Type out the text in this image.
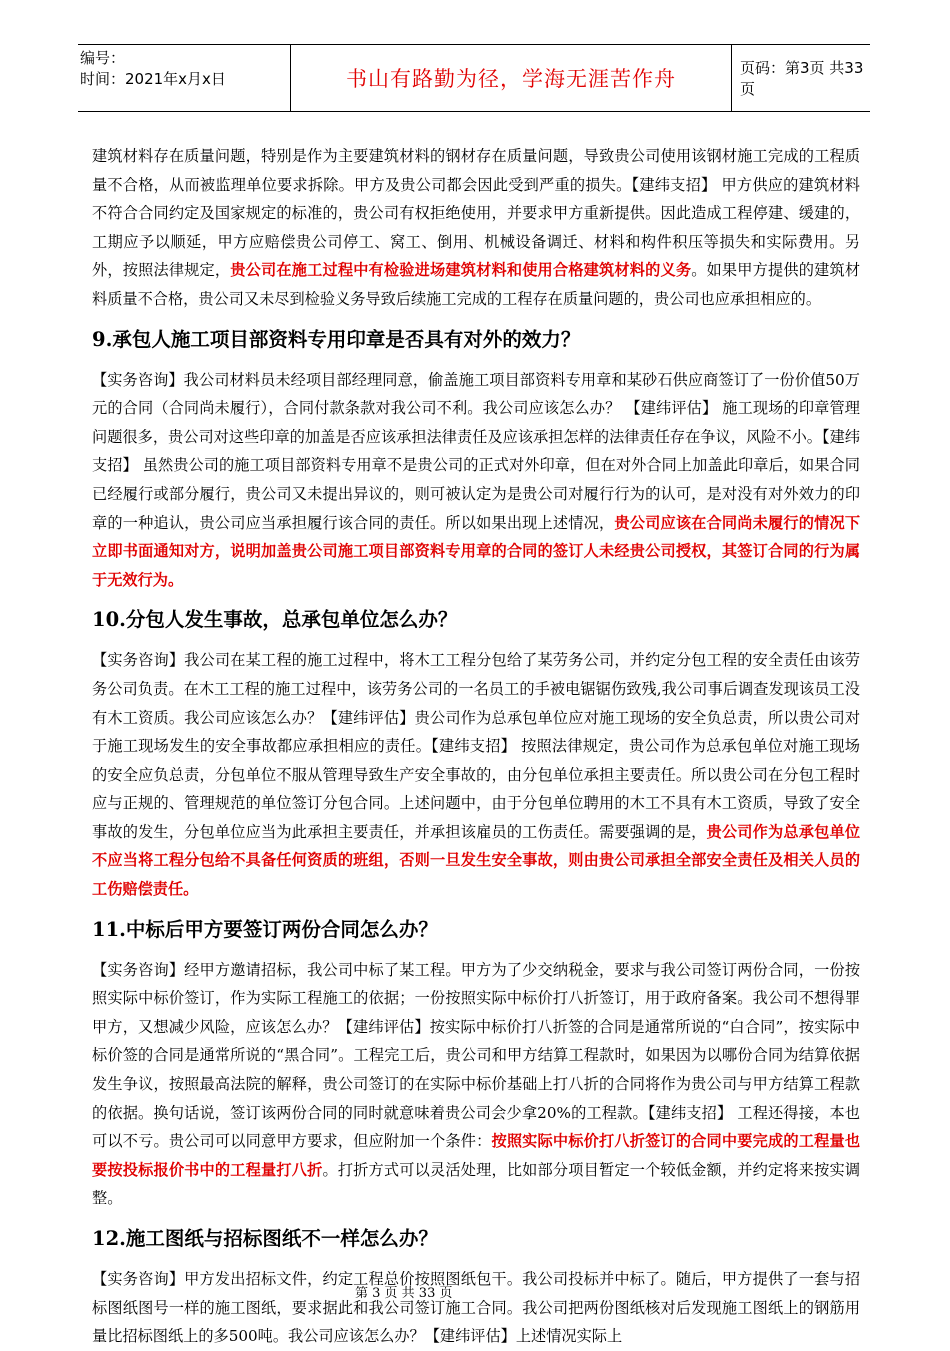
编号：
时间：2021年x月x日	书山有路勤为径，学海无涯苦作舟	页码：第3页 共33页

建筑材料存在质量问题，特别是作为主要建筑材料的钢材存在质量问题，导致贵公司使用该钢材施工完成的工程质量不合格，从而被监理单位要求拆除。甲方及贵公司都会因此受到严重的损失。【建纬支招】 甲方供应的建筑材料不符合合同约定及国家规定的标准的，贵公司有权拒绝使用，并要求甲方重新提供。因此造成工程停建、缓建的，工期应予以顺延，甲方应赔偿贵公司停工、窝工、倒用、机械设备调迁、材料和构件积压等损失和实际费用。另外，按照法律规定，贵公司在施工过程中有检验进场建筑材料和使用合格建筑材料的义务。如果甲方提供的建筑材料质量不合格，贵公司又未尽到检验义务导致后续施工完成的工程存在质量问题的，贵公司也应承担相应的。

9.承包人施工项目部资料专用印章是否具有对外的效力？

【实务咨询】我公司材料员未经项目部经理同意，偷盖施工项目部资料专用章和某砂石供应商签订了一份价值50万元的合同（合同尚未履行），合同付款条款对我公司不利。我公司应该怎么办？ 【建纬评估】 施工现场的印章管理问题很多，贵公司对这些印章的加盖是否应该承担法律责任及应该承担怎样的法律责任存在争议，风险不小。【建纬支招】 虽然贵公司的施工项目部资料专用章不是贵公司的正式对外印章，但在对外合同上加盖此印章后，如果合同已经履行或部分履行，贵公司又未提出异议的，则可被认定为是贵公司对履行行为的认可，是对没有对外效力的印章的一种追认，贵公司应当承担履行该合同的责任。所以如果出现上述情况，贵公司应该在合同尚未履行的情况下立即书面通知对方，说明加盖贵公司施工项目部资料专用章的合同的签订人未经贵公司授权，其签订合同的行为属于无效行为。

10.分包人发生事故，总承包单位怎么办？

【实务咨询】我公司在某工程的施工过程中，将木工工程分包给了某劳务公司，并约定分包工程的安全责任由该劳务公司负责。在木工工程的施工过程中，该劳务公司的一名员工的手被电锯锯伤致残,我公司事后调查发现该员工没有木工资质。我公司应该怎么办？【建纬评估】贵公司作为总承包单位应对施工现场的安全负总责，所以贵公司对于施工现场发生的安全事故都应承担相应的责任。【建纬支招】 按照法律规定，贵公司作为总承包单位对施工现场的安全应负总责，分包单位不服从管理导致生产安全事故的，由分包单位承担主要责任。所以贵公司在分包工程时应与正规的、管理规范的单位签订分包合同。上述问题中，由于分包单位聘用的木工不具有木工资质，导致了安全事故的发生，分包单位应当为此承担主要责任，并承担该雇员的工伤责任。需要强调的是，贵公司作为总承包单位不应当将工程分包给不具备任何资质的班组，否则一旦发生安全事故，则由贵公司承担全部安全责任及相关人员的工伤赔偿责任。

11.中标后甲方要签订两份合同怎么办？

【实务咨询】经甲方邀请招标，我公司中标了某工程。甲方为了少交纳税金，要求与我公司签订两份合同，一份按照实际中标价签订，作为实际工程施工的依据；一份按照实际中标价打八折签订，用于政府备案。我公司不想得罪甲方，又想减少风险，应该怎么办？【建纬评估】按实际中标价打八折签的合同是通常所说的“白合同”，按实际中标价签的合同是通常所说的“黑合同”。工程完工后，贵公司和甲方结算工程款时，如果因为以哪份合同为结算依据发生争议，按照最高法院的解释，贵公司签订的在实际中标价基础上打八折的合同将作为贵公司与甲方结算工程款的依据。换句话说，签订该两份合同的同时就意味着贵公司会少拿20%的工程款。【建纬支招】 工程还得接，本也可以不亏。贵公司可以同意甲方要求，但应附加一个条件：按照实际中标价打八折签订的合同中要完成的工程量也要按投标报价书中的工程量打八折。打折方式可以灵活处理，比如部分项目暂定一个较低金额，并约定将来按实调整。

12.施工图纸与招标图纸不一样怎么办？

【实务咨询】甲方发出招标文件，约定工程总价按照图纸包干。我公司投标并中标了。随后，甲方提供了一套与招标图纸图号一样的施工图纸，要求据此和我公司签订施工合同。我公司把两份图纸核对后发现施工图纸上的钢筋用量比招标图纸上的多500吨。我公司应该怎么办？【建纬评估】上述情况实际上

第 3 页 共 33 页
